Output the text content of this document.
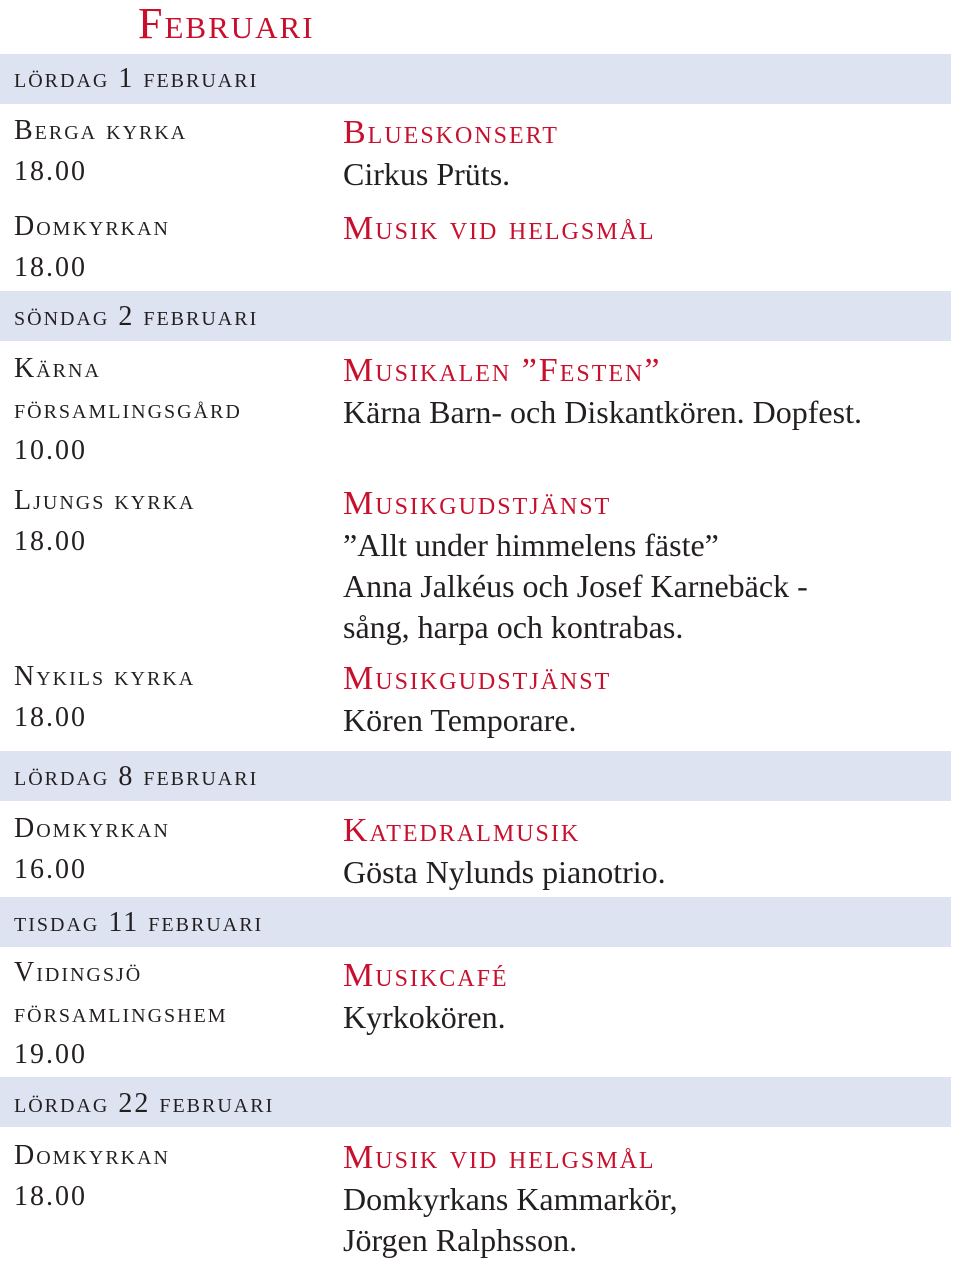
Februari
lördag 1 februari
Berga kyrka
18.00
Blueskonsert
Cirkus Prüts.
Domkyrkan
18.00
Musik vid helgsmål
söndag 2 februari
Kärna
församlingsgård
10.00
Musikalen ”Festen”
Kärna Barn- och Diskantkören. Dopfest.
Ljungs kyrka
18.00
Musikgudstjänst
”Allt under himmelens fäste”
Anna Jalkéus och Josef Karnebäck -
sång, harpa och kontrabas.
Nykils kyrka
18.00
Musikgudstjänst
Kören Temporare.
lördag 8 februari
Domkyrkan
16.00
Katedralmusik
Gösta Nylunds pianotrio.
tisdag 11 februari
Vidingsjö
församlingshem
19.00
Musikcafé
Kyrkokören.
lördag 22 februari
Domkyrkan
18.00
Musik vid helgsmål
Domkyrkans Kammarkör,
Jörgen Ralphsson.
